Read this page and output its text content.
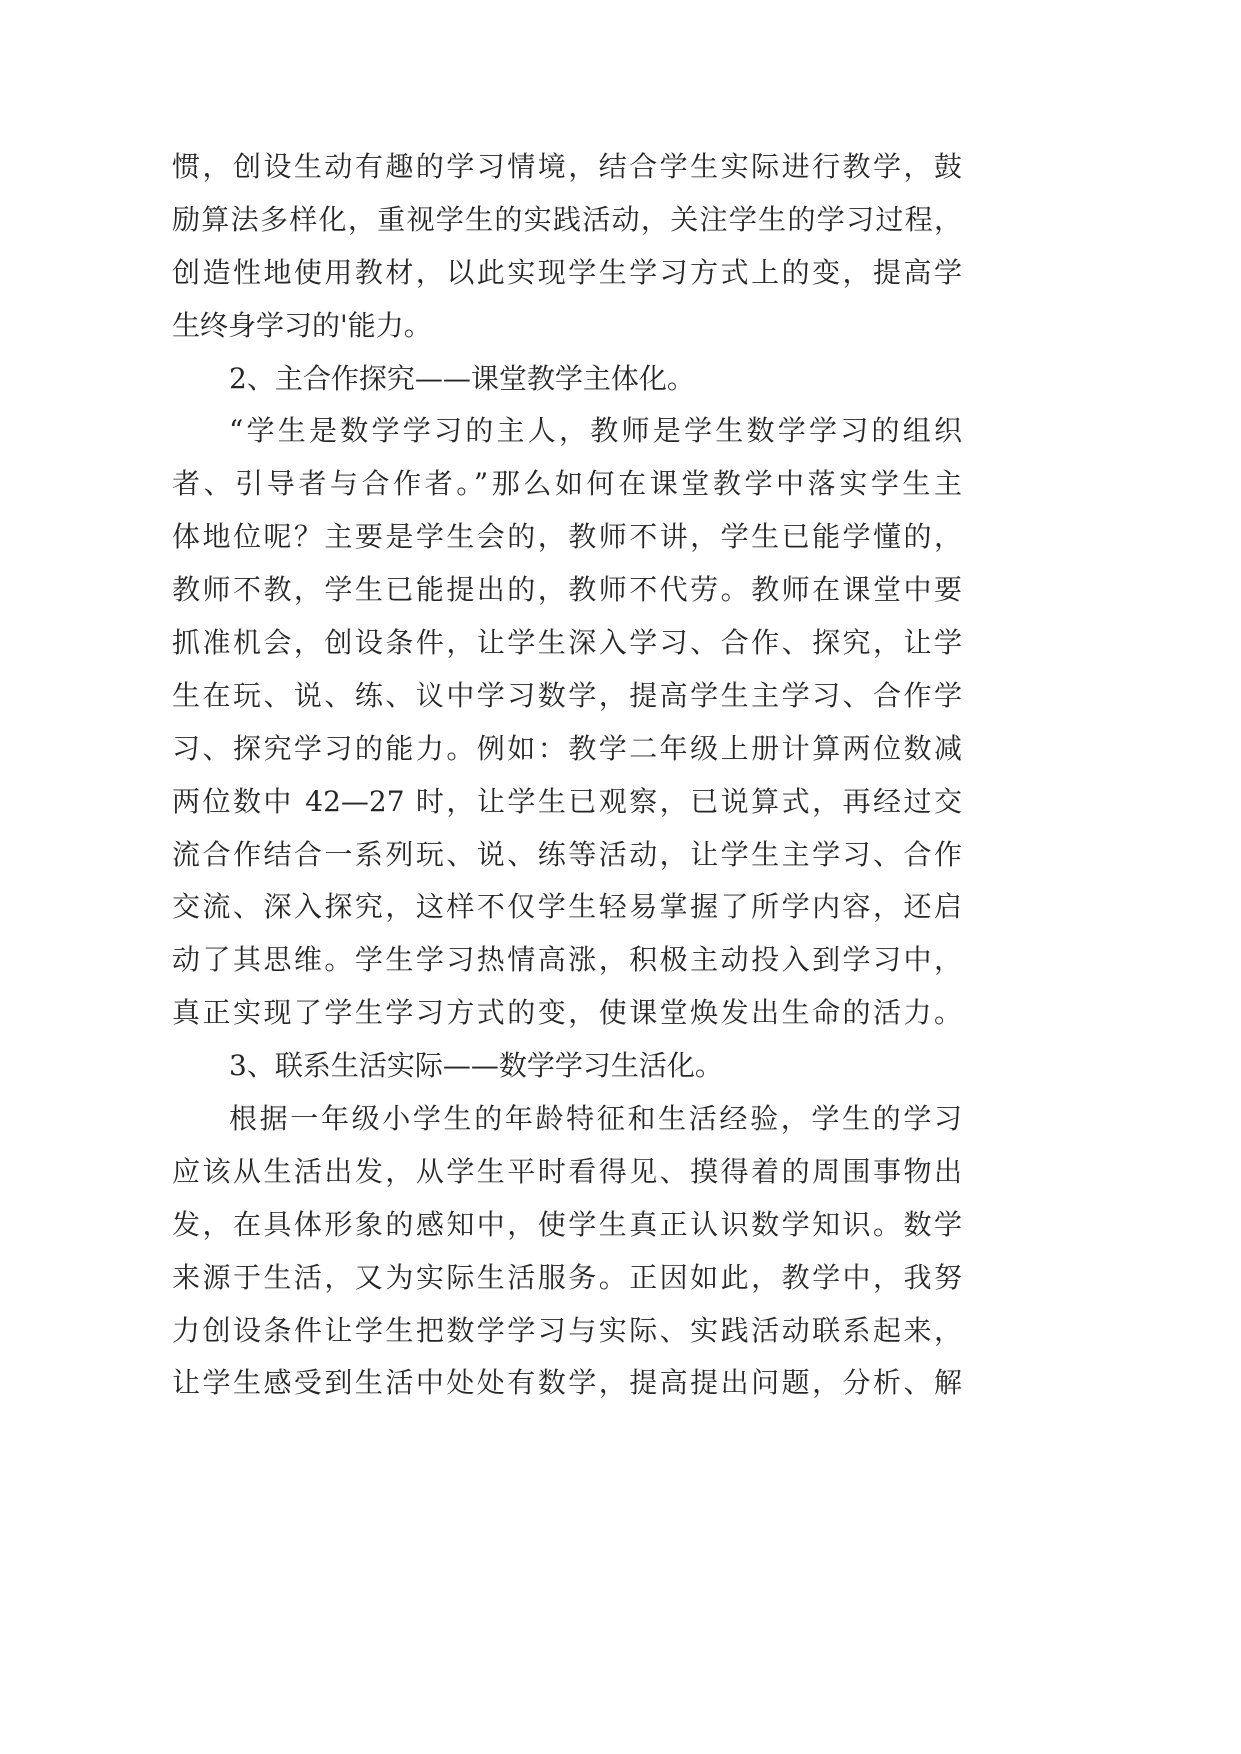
惯，创设生动有趣的学习情境，结合学生实际进行教学，鼓
励算法多样化，重视学生的实践活动，关注学生的学习过程，
创造性地使用教材，以此实现学生学习方式上的变，提高学
生终身学习的'能力。
2、主合作探究——课堂教学主体化。
“学生是数学学习的主人，教师是学生数学学习的组织
者、引导者与合作者。”那么如何在课堂教学中落实学生主
体地位呢？主要是学生会的，教师不讲，学生已能学懂的，
教师不教，学生已能提出的，教师不代劳。教师在课堂中要
抓准机会，创设条件，让学生深入学习、合作、探究，让学
生在玩、说、练、议中学习数学，提高学生主学习、合作学
习、探究学习的能力。例如：教学二年级上册计算两位数减
两位数中 42—27 时，让学生已观察，已说算式，再经过交
流合作结合一系列玩、说、练等活动，让学生主学习、合作
交流、深入探究，这样不仅学生轻易掌握了所学内容，还启
动了其思维。学生学习热情高涨，积极主动投入到学习中，
真正实现了学生学习方式的变，使课堂焕发出生命的活力。
3、联系生活实际——数学学习生活化。
根据一年级小学生的年龄特征和生活经验，学生的学习
应该从生活出发，从学生平时看得见、摸得着的周围事物出
发，在具体形象的感知中，使学生真正认识数学知识。数学
来源于生活，又为实际生活服务。正因如此，教学中，我努
力创设条件让学生把数学学习与实际、实践活动联系起来，
让学生感受到生活中处处有数学，提高提出问题，分析、解
